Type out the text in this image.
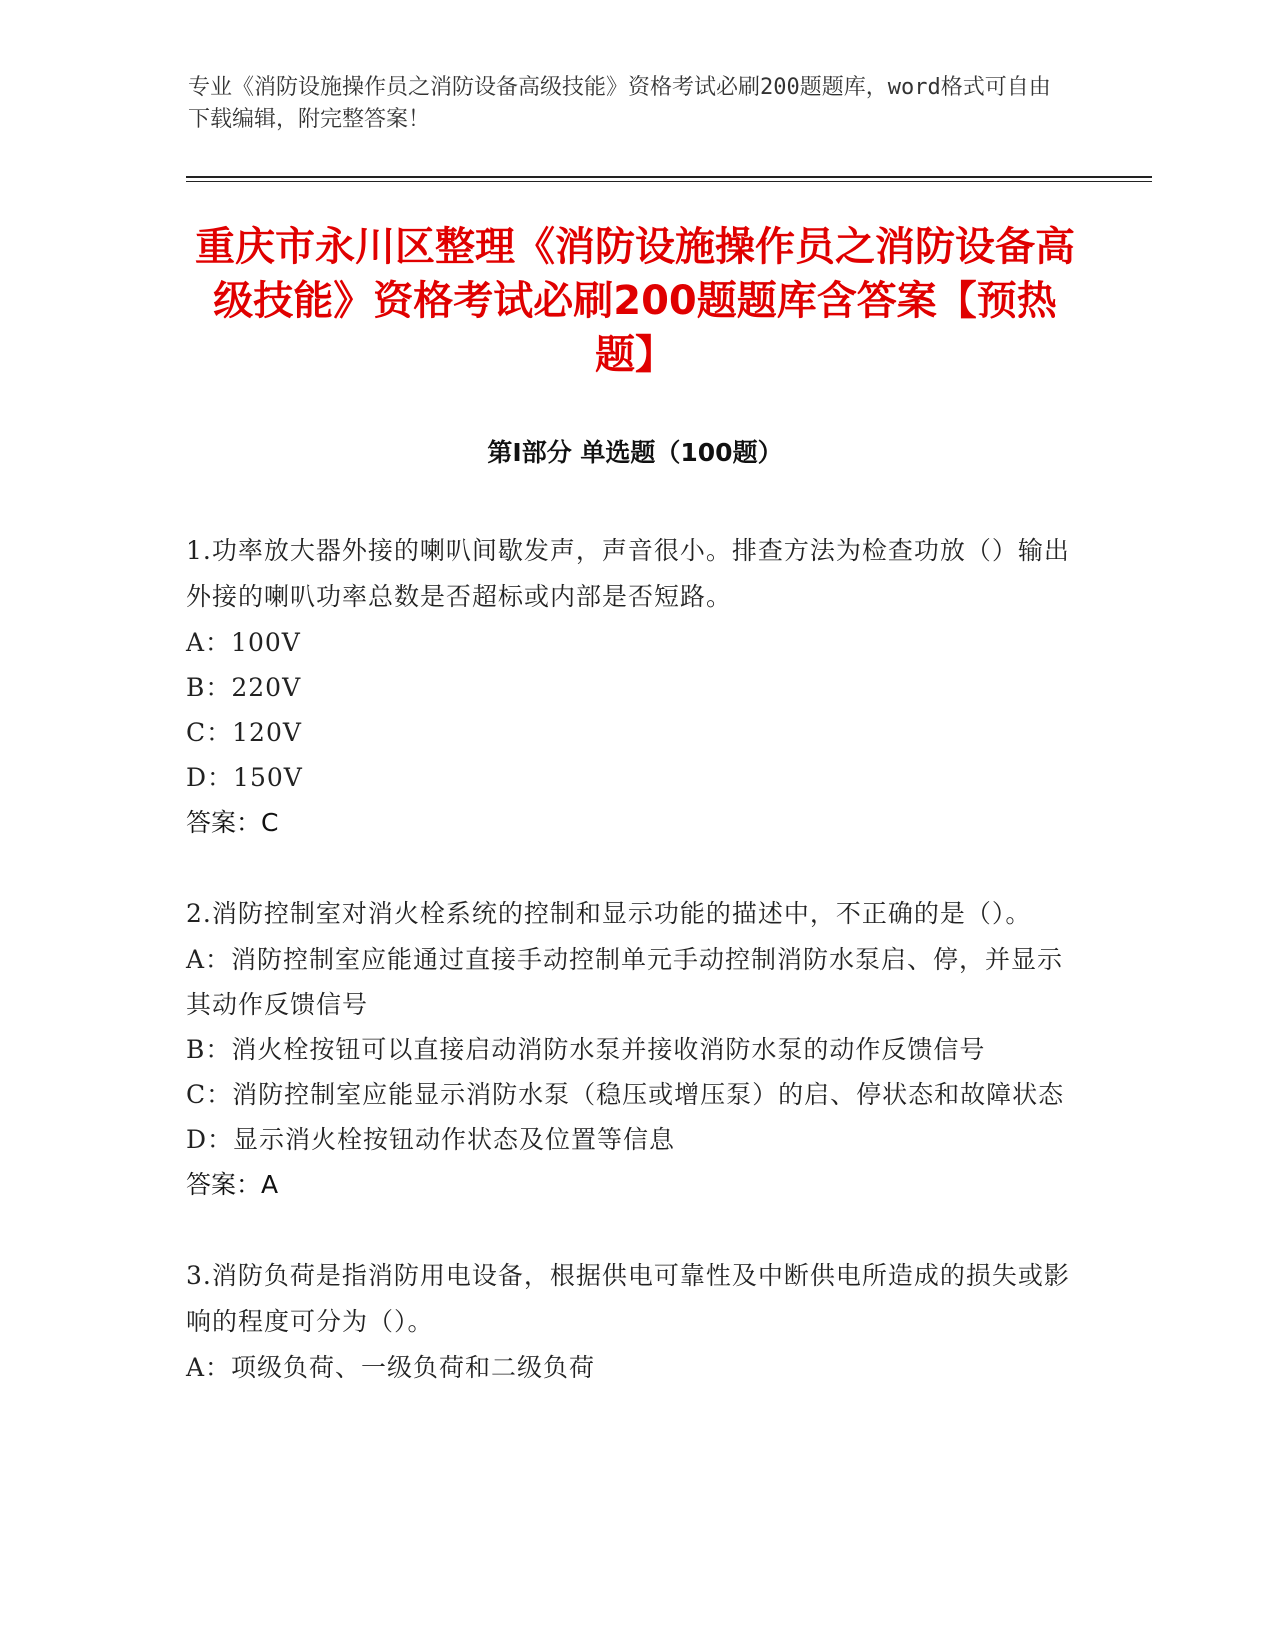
专业《消防设施操作员之消防设备高级技能》资格考试必刷200题题库，word格式可自由下载编辑，附完整答案！
重庆市永川区整理《消防设施操作员之消防设备高级技能》资格考试必刷200题题库含答案【预热题】
第I部分 单选题（100题）

1.功率放大器外接的喇叭间歇发声，声音很小。排查方法为检查功放（）输出外接的喇叭功率总数是否超标或内部是否短路。

A：100V

B：220V

C：120V

D：150V

答案：C

2.消防控制室对消火栓系统的控制和显示功能的描述中，不正确的是（）。

A：消防控制室应能通过直接手动控制单元手动控制消防水泵启、停，并显示其动作反馈信号

B：消火栓按钮可以直接启动消防水泵并接收消防水泵的动作反馈信号

C：消防控制室应能显示消防水泵（稳压或增压泵）的启、停状态和故障状态

D：显示消火栓按钮动作状态及位置等信息

答案：A

3.消防负荷是指消防用电设备，根据供电可靠性及中断供电所造成的损失或影响的程度可分为（）。

A：项级负荷、一级负荷和二级负荷
